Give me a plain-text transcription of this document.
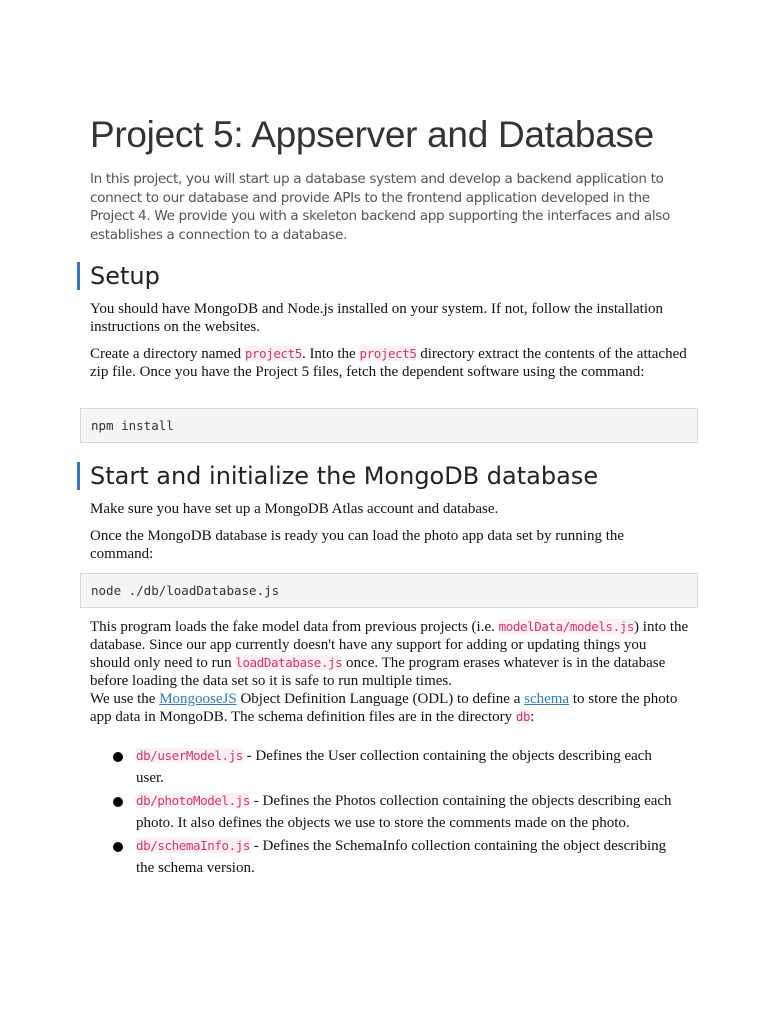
Project 5: Appserver and Database
In this project, you will start up a database system and develop a backend application to connect to our database and provide APIs to the frontend application developed in the Project 4. We provide you with a skeleton backend app supporting the interfaces and also establishes a connection to a database.
Setup
You should have MongoDB and Node.js installed on your system. If not, follow the installation instructions on the websites.
Create a directory named project5. Into the project5 directory extract the contents of the attached zip file. Once you have the Project 5 files, fetch the dependent software using the command:
npm install
Start and initialize the MongoDB database
Make sure you have set up a MongoDB Atlas account and database.
Once the MongoDB database is ready you can load the photo app data set by running the command:
node ./db/loadDatabase.js
This program loads the fake model data from previous projects (i.e. modelData/models.js) into the database. Since our app currently doesn't have any support for adding or updating things you should only need to run loadDatabase.js once. The program erases whatever is in the database before loading the data set so it is safe to run multiple times.
We use the MongooseJS Object Definition Language (ODL) to define a schema to store the photo app data in MongoDB. The schema definition files are in the directory db:
db/userModel.js - Defines the User collection containing the objects describing each user.
db/photoModel.js - Defines the Photos collection containing the objects describing each photo. It also defines the objects we use to store the comments made on the photo.
db/schemaInfo.js - Defines the SchemaInfo collection containing the object describing the schema version.
